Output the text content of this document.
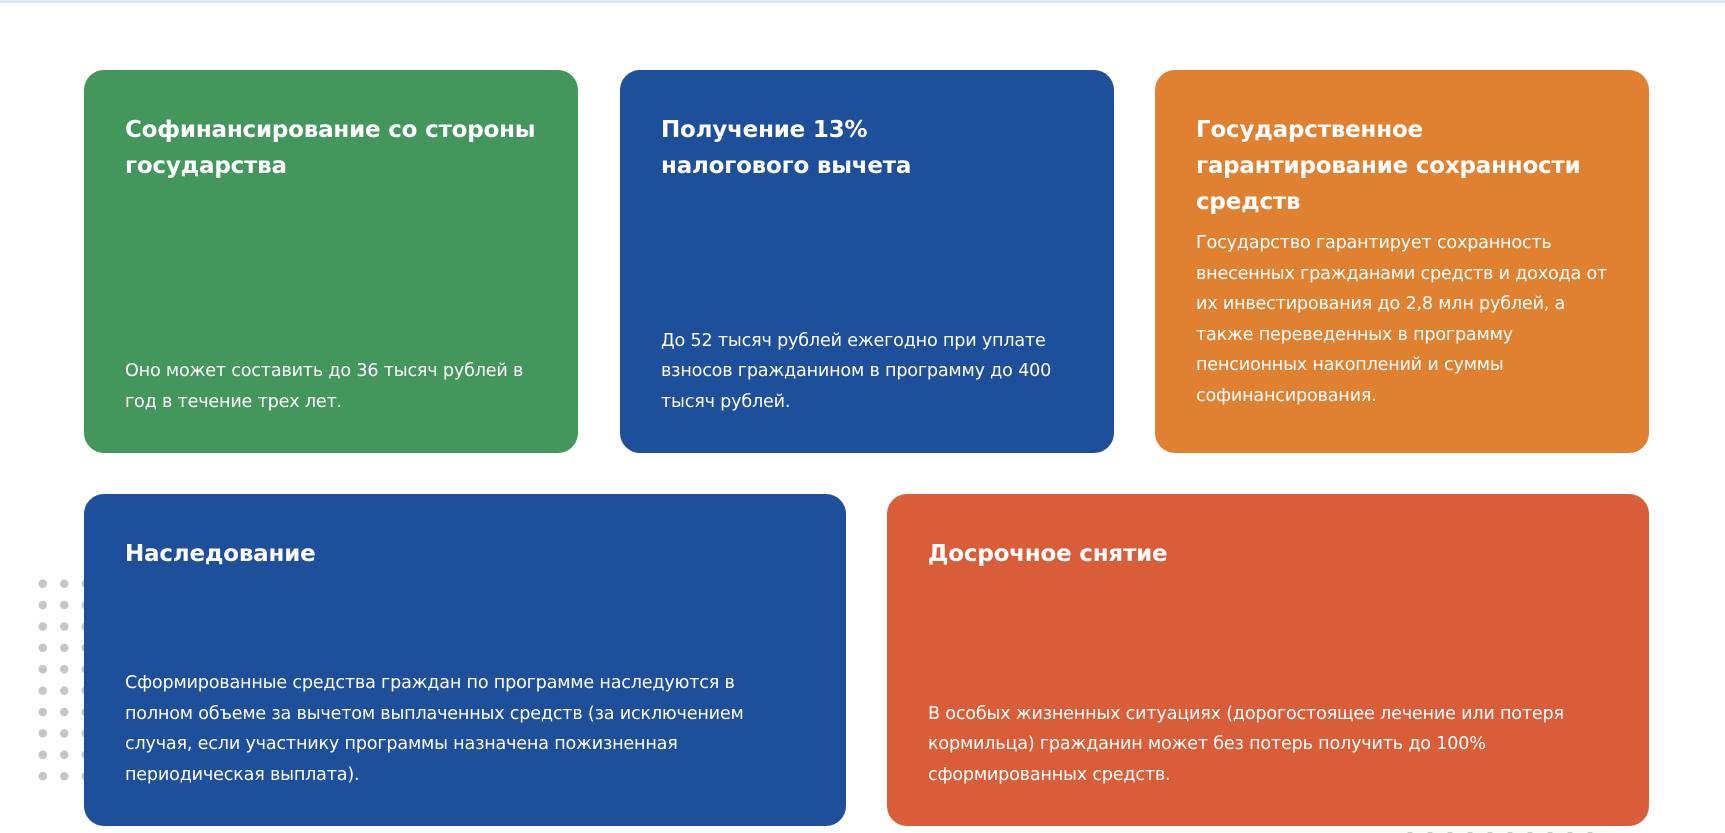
Софинансирование со стороны государства

Оно может составить до 36 тысяч рублей в год в течение трех лет.

Получение 13% налогового вычета

До 52 тысяч рублей ежегодно при уплате взносов гражданином в программу до 400 тысяч рублей.

Государственное гарантирование сохранности средств

Государство гарантирует сохранность внесенных гражданами средств и дохода от их инвестирования до 2,8 млн рублей, а также переведенных в программу пенсионных накоплений и суммы софинансирования.

Наследование

Сформированные средства граждан по программе наследуются в полном объеме за вычетом выплаченных средств (за исключением случая, если участнику программы назначена пожизненная периодическая выплата).

Досрочное снятие

В особых жизненных ситуациях (дорогостоящее лечение или потеря кормильца) гражданин может без потерь получить до 100% сформированных средств.
